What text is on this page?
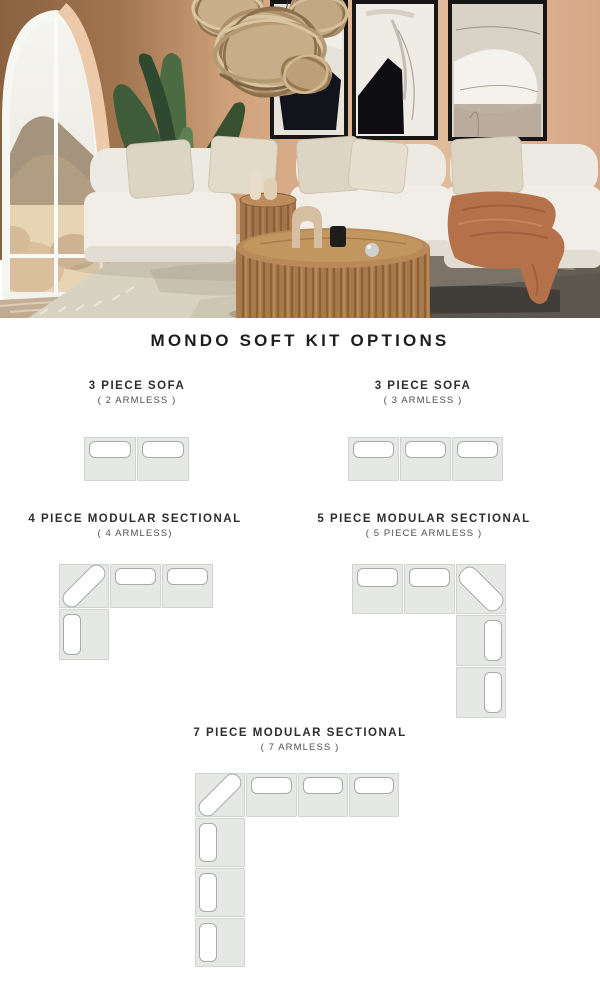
MONDO SOFT KIT OPTIONS
3 PIECE SOFA
( 2 ARMLESS )
3 PIECE SOFA
( 3 ARMLESS )
4 PIECE MODULAR SECTIONAL
( 4 ARMLESS)
5 PIECE MODULAR SECTIONAL
( 5 PIECE ARMLESS )
7 PIECE MODULAR SECTIONAL
( 7 ARMLESS )
